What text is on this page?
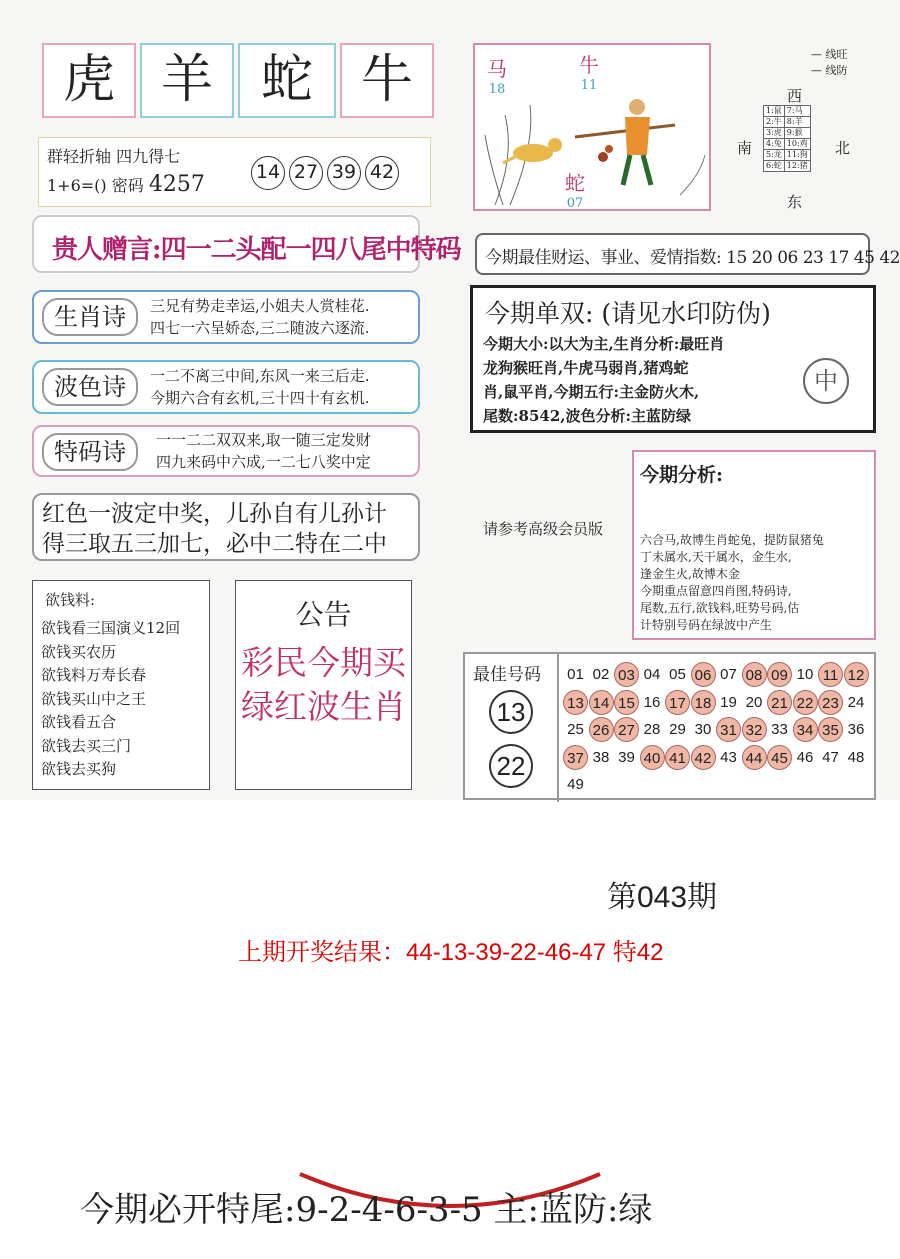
虎 羊 蛇 牛
群轻折轴 四九得七
1+6=() 密码 4257	14 27 39 42
贵人赠言:四一二头配一四八尾中特码
生肖诗	三兄有势走幸运,小姐夫人赏桂花.
四七一六呈娇态,三二随波六逐流.
波色诗	一二不离三中间,东风一来三后走.
今期六合有玄机,三十四十有玄机.
特码诗	一一二二双双来,取一随三定发财
四九来码中六成,一二七八奖中定
红色一波定中奖，儿孙自有儿孙计
得三取五三加七，必中二特在二中
欲钱料:
欲钱看三国演义12回
欲钱买农历
欲钱料万寿长春
欲钱买山中之王
欲钱看五合
欲钱去买三门
欲钱去买狗
公告
彩民今期买
绿红波生肖
马
18
牛
11
蛇
07
— 线旺
— 线防
西
南	北
东
1:鼠	7:马
2:牛	8:羊
3:虎	9:猴
4:兔	10:鸡
5:龙	11:狗
6:蛇	12:猪
今期最佳财运、事业、爱情指数: 15 20 06 23 17 45 42
今期单双: (请见水印防伪)
今期大小:以大为主,生肖分析:最旺肖
龙狗猴旺肖,牛虎马弱肖,猪鸡蛇
肖,鼠平肖,今期五行:主金防火木,
尾数:8542,波色分析:主蓝防绿
中
请参考高级会员版
今期分析:
六合马,故博生肖蛇兔，提防鼠猪兔
丁未属水,天干属水，金生水,
逢金生火,故博木金
今期重点留意四肖图,特码诗,
尾数,五行,欲钱料,旺势号码,估
计特别号码在绿波中产生
最佳号码
13
22
01 02 03 04 05 06 07 08 09 10 11 12
13 14 15 16 17 18 19 20 21 22 23 24
25 26 27 28 29 30 31 32 33 34 35 36
37 38 39 40 41 42 43 44 45 46 47 48
49
第043期
上期开奖结果：44-13-39-22-46-47 特42
今期必开特尾:9-2-4-6-3-5 主:蓝防:绿
